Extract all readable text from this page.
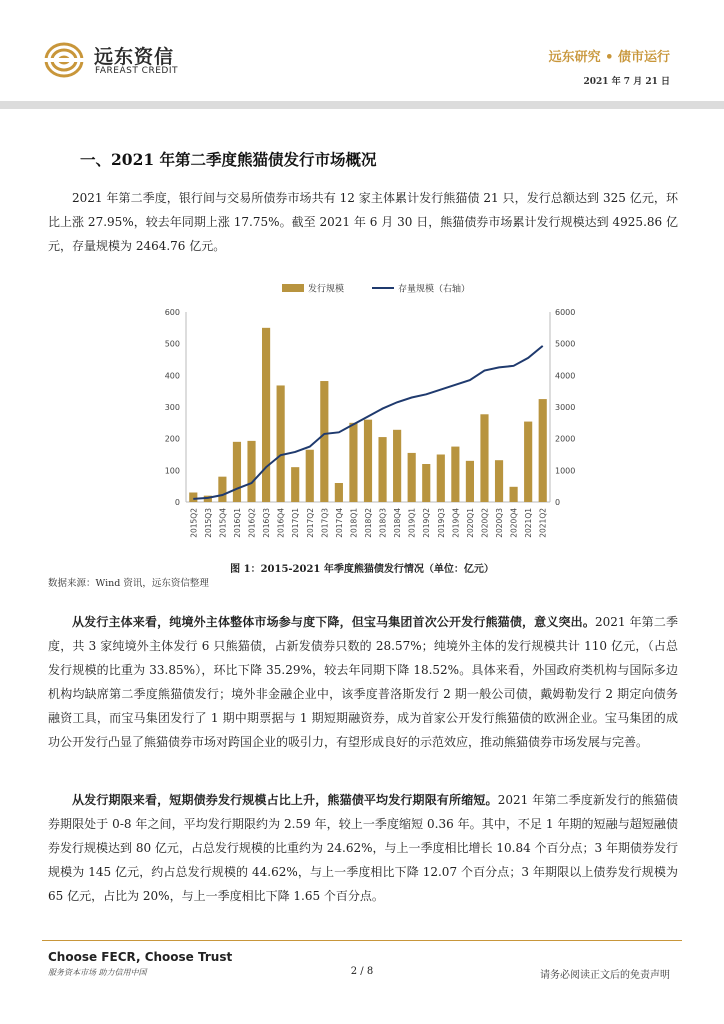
远东资信
FAREAST CREDIT
远东研究 • 债市运行
2021 年 7 月 21 日
一、2021 年第二季度熊猫债发行市场概况
2021 年第二季度，银行间与交易所债券市场共有 12 家主体累计发行熊猫债 21 只，发行总额达到 325 亿元，环比上涨 27.95%，较去年同期上涨 17.75%。截至 2021 年 6 月 30 日，熊猫债券市场累计发行规模达到 4925.86 亿元，存量规模为 2464.76 亿元。
0
100
200
300
400
500
600
0
1000
2000
3000
4000
5000
6000
2015Q2 2015Q3 2015Q4 2016Q1 2016Q2 2016Q3 2016Q4 2017Q1 2017Q2 2017Q3 2017Q4 2018Q1 2018Q2 2018Q3 2018Q4 2019Q1 2019Q2 2019Q3 2019Q4 2020Q1 2020Q2 2020Q3 2020Q4 2021Q1 2021Q2
发行规模	存量规模（右轴）
图 1：2015-2021 年季度熊猫债发行情况（单位：亿元）
数据来源：Wind 资讯，远东资信整理
从发行主体来看，纯境外主体整体市场参与度下降，但宝马集团首次公开发行熊猫债，意义突出。2021 年第二季度，共 3 家纯境外主体发行 6 只熊猫债，占新发债券只数的 28.57%；纯境外主体的发行规模共计 110 亿元，（占总发行规模的比重为 33.85%），环比下降 35.29%，较去年同期下降 18.52%。具体来看，外国政府类机构与国际多边机构均缺席第二季度熊猫债发行；境外非金融企业中，该季度普洛斯发行 2 期一般公司债，戴姆勒发行 2 期定向债务融资工具，而宝马集团发行了 1 期中期票据与 1 期短期融资券，成为首家公开发行熊猫债的欧洲企业。宝马集团的成功公开发行凸显了熊猫债券市场对跨国企业的吸引力，有望形成良好的示范效应，推动熊猫债券市场发展与完善。
从发行期限来看，短期债券发行规模占比上升，熊猫债平均发行期限有所缩短。2021 年第二季度新发行的熊猫债券期限处于 0-8 年之间，平均发行期限约为 2.59 年，较上一季度缩短 0.36 年。其中，不足 1 年期的短融与超短融债券发行规模达到 80 亿元，占总发行规模的比重约为 24.62%，与上一季度相比增长 10.84 个百分点；3 年期债券发行规模为 145 亿元，约占总发行规模的 44.62%，与上一季度相比下降 12.07 个百分点；3 年期限以上债券发行规模为 65 亿元，占比为 20%，与上一季度相比下降 1.65 个百分点。
Choose FECR, Choose Trust
服务资本市场 助力信用中国	2 / 8	请务必阅读正文后的免责声明
